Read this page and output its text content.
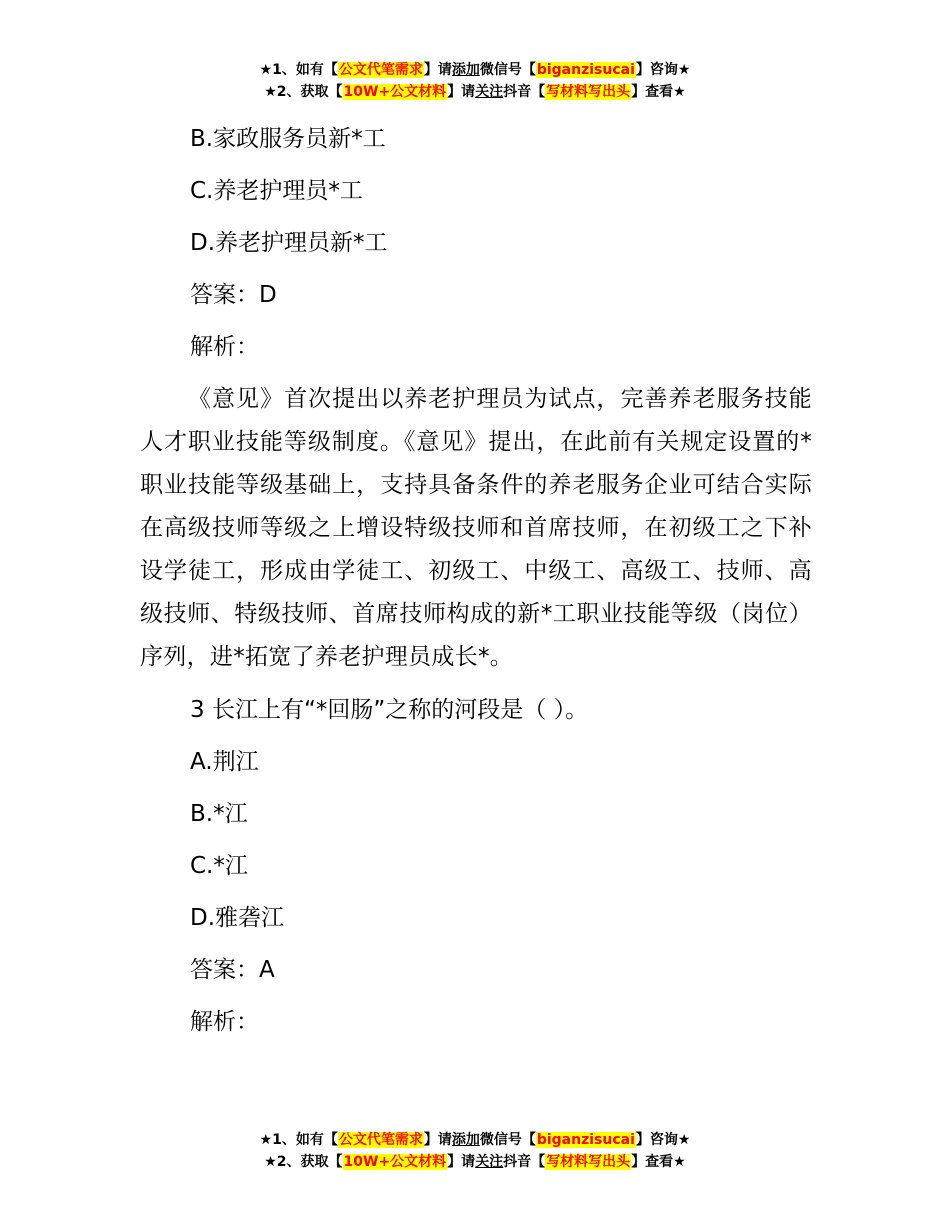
★1、如有【公文代笔需求】请添加微信号【biganzisucai】咨询★
★2、获取【10W+公文材料】请关注抖音【写材料写出头】查看★

B.家政服务员新*工

C.养老护理员*工

D.养老护理员新*工

答案：D

解析：

《意见》首次提出以养老护理员为试点，完善养老服务技能人才职业技能等级制度。《意见》提出，在此前有关规定设置的*职业技能等级基础上，支持具备条件的养老服务企业可结合实际在高级技师等级之上增设特级技师和首席技师，在初级工之下补设学徒工，形成由学徒工、初级工、中级工、高级工、技师、高级技师、特级技师、首席技师构成的新*工职业技能等级（岗位）序列，进*拓宽了养老护理员成长*。

3 长江上有“*回肠”之称的河段是（ ）。

A.荆江

B.*江

C.*江

D.雅砻江

答案：A

解析：

★1、如有【公文代笔需求】请添加微信号【biganzisucai】咨询★
★2、获取【10W+公文材料】请关注抖音【写材料写出头】查看★
